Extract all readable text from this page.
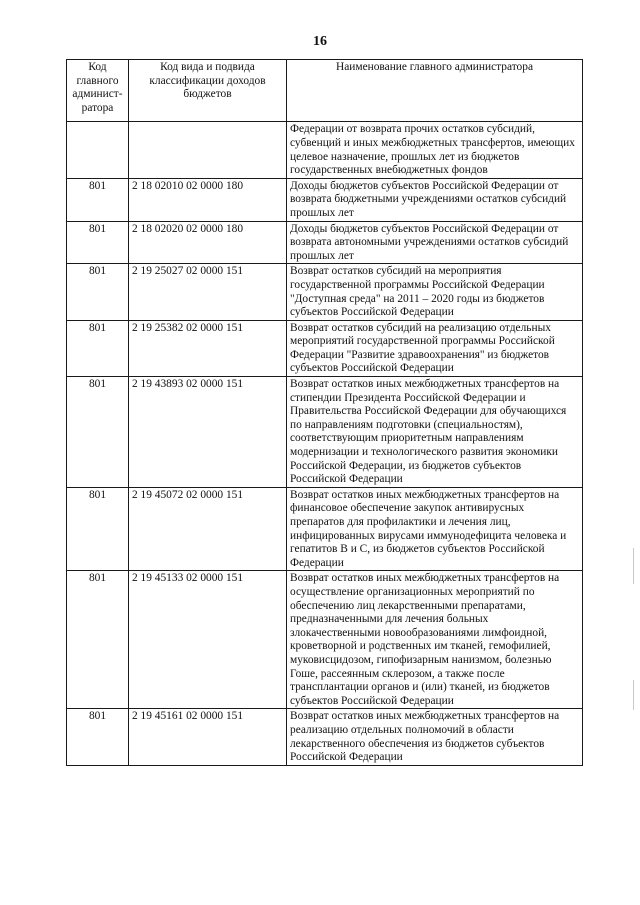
16
Код главного админист-ратора	Код вида и подвида классификации доходов бюджетов	Наименование главного администратора
		Федерации от возврата прочих остатков субсидий, субвенций и иных межбюджетных трансфертов, имеющих целевое назначение, прошлых лет из бюджетов государственных внебюджетных фондов
801	2 18 02010 02 0000 180	Доходы бюджетов субъектов Российской Федерации от возврата бюджетными учреждениями остатков субсидий прошлых лет
801	2 18 02020 02 0000 180	Доходы бюджетов субъектов Российской Федерации от возврата автономными учреждениями остатков субсидий прошлых лет
801	2 19 25027 02 0000 151	Возврат остатков субсидий на мероприятия государственной программы Российской Федерации "Доступная среда" на 2011 – 2020 годы из бюджетов субъектов Российской Федерации
801	2 19 25382 02 0000 151	Возврат остатков субсидий на реализацию отдельных мероприятий государственной программы Российской Федерации "Развитие здравоохранения" из бюджетов субъектов Российской Федерации
801	2 19 43893 02 0000 151	Возврат остатков иных межбюджетных трансфертов на стипендии Президента Российской Федерации и Правительства Российской Федерации для обучающихся по направлениям подготовки (специальностям), соответствующим приоритетным направлениям модернизации и технологического развития экономики Российской Федерации, из бюджетов субъектов Российской Федерации
801	2 19 45072 02 0000 151	Возврат остатков иных межбюджетных трансфертов на финансовое обеспечение закупок антивирусных препаратов для профилактики и лечения лиц, инфицированных вирусами иммунодефицита человека и гепатитов B и C, из бюджетов субъектов Российской Федерации
801	2 19 45133 02 0000 151	Возврат остатков иных межбюджетных трансфертов на осуществление организационных мероприятий по обеспечению лиц лекарственными препаратами, предназначенными для лечения больных злокачественными новообразованиями лимфоидной, кроветворной и родственных им тканей, гемофилией, муковисцидозом, гипофизарным нанизмом, болезнью Гоше, рассеянным склерозом, а также после трансплантации органов и (или) тканей, из бюджетов субъектов Российской Федерации
801	2 19 45161 02 0000 151	Возврат остатков иных межбюджетных трансфертов на реализацию отдельных полномочий в области лекарственного обеспечения из бюджетов субъектов Российской Федерации
